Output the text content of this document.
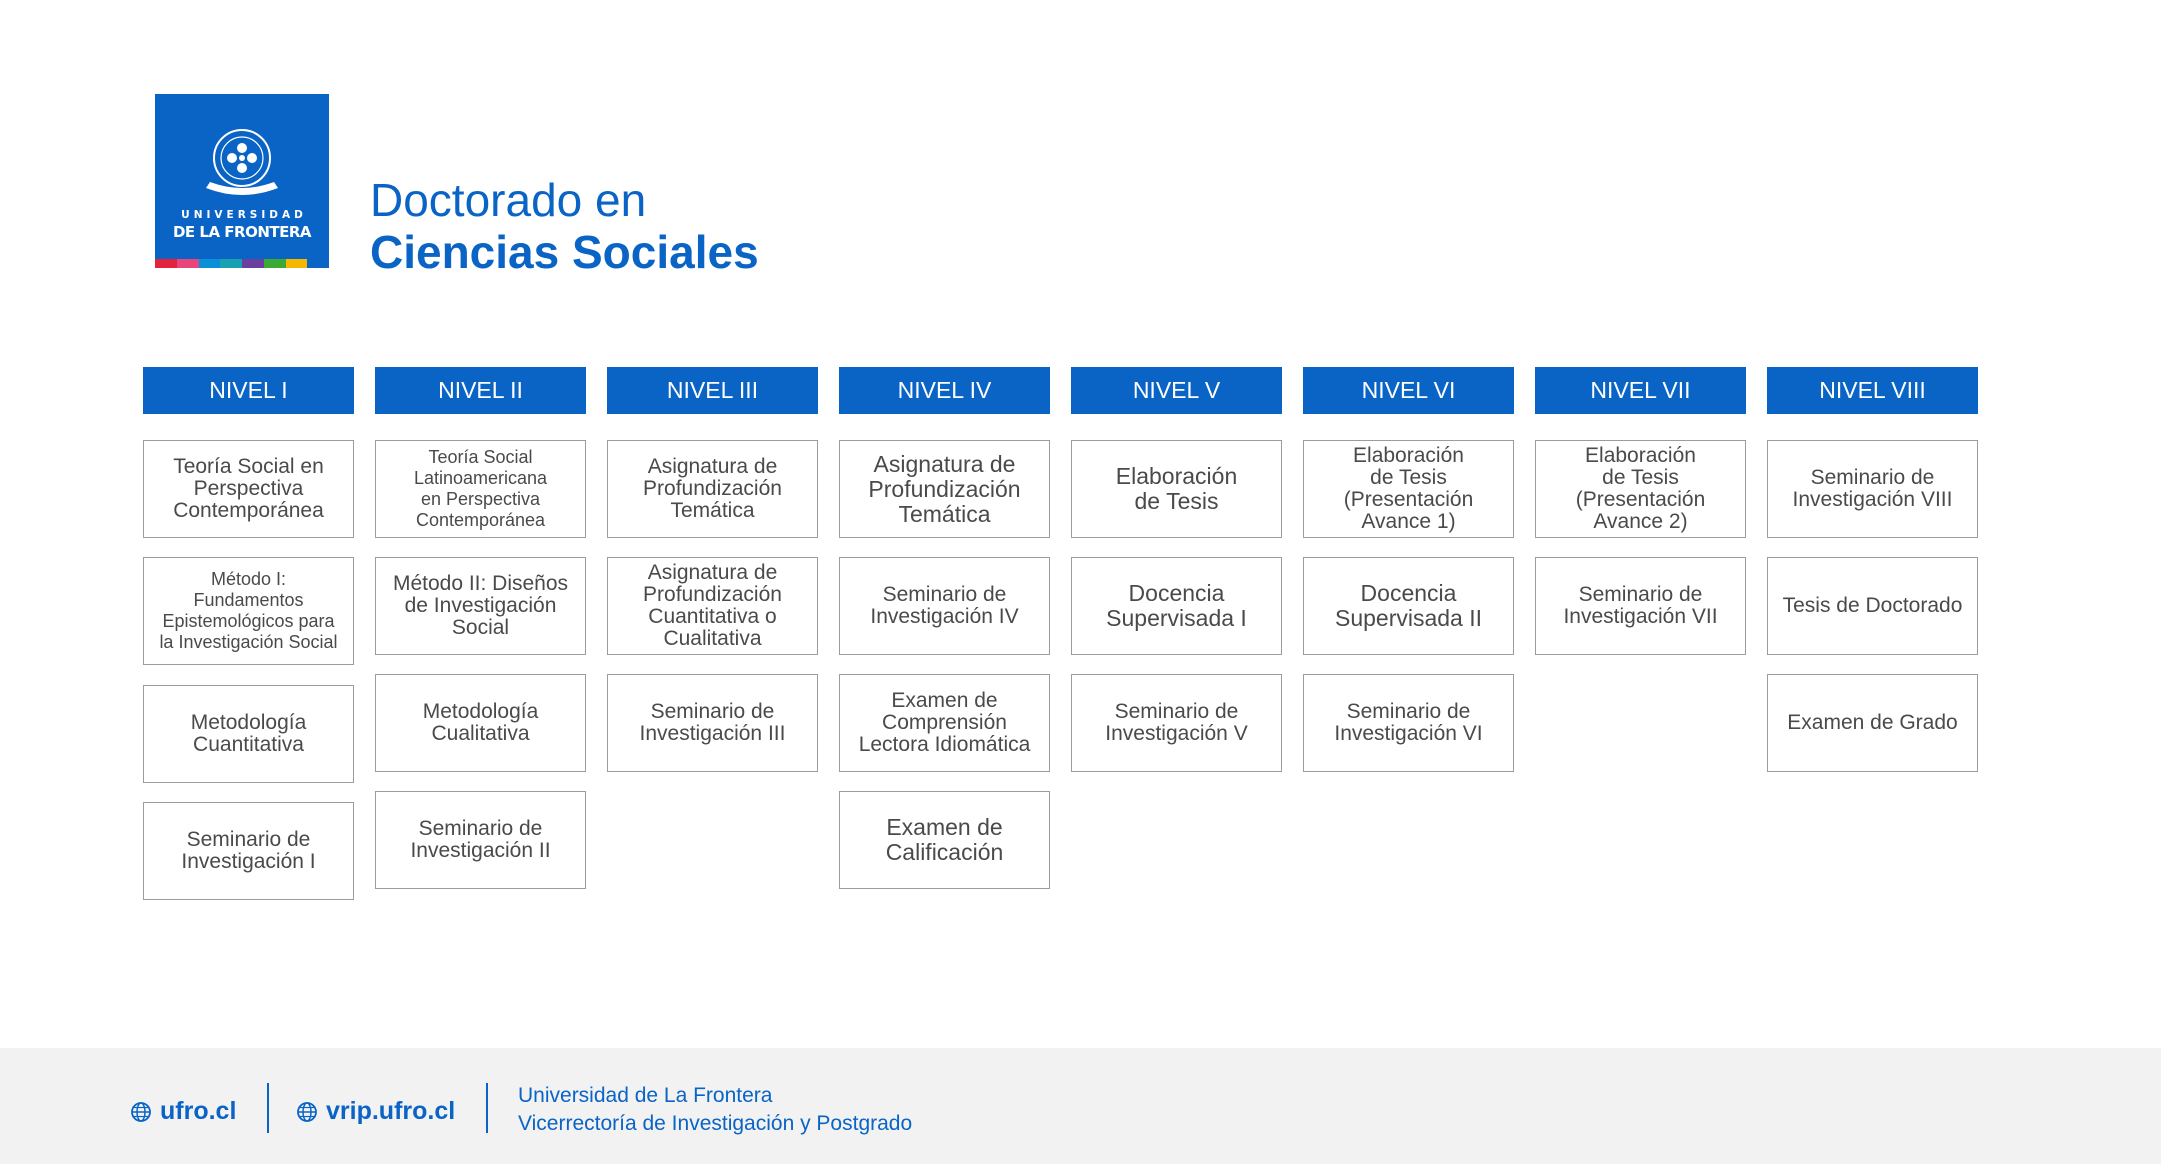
UNIVERSIDAD
DE LA FRONTERA
Doctorado en
Ciencias Sociales
NIVEL I
Teoría Social en
Perspectiva
Contemporánea
Método I:
Fundamentos
Epistemológicos para
la Investigación Social
Metodología
Cuantitativa
Seminario de
Investigación I
NIVEL II
Teoría Social
Latinoamericana
en Perspectiva
Contemporánea
Método II: Diseños
de Investigación
Social
Metodología
Cualitativa
Seminario de
Investigación II
NIVEL III
Asignatura de
Profundización
Temática
Asignatura de
Profundización
Cuantitativa o
Cualitativa
Seminario de
Investigación III
NIVEL IV
Asignatura de
Profundización
Temática
Seminario de
Investigación IV
Examen de
Comprensión
Lectora Idiomática
Examen de
Calificación
NIVEL V
Elaboración
de Tesis
Docencia
Supervisada I
Seminario de
Investigación V
NIVEL VI
Elaboración
de Tesis
(Presentación
Avance 1)
Docencia
Supervisada II
Seminario de
Investigación VI
NIVEL VII
Elaboración
de Tesis
(Presentación
Avance 2)
Seminario de
Investigación VII
NIVEL VIII
Seminario de
Investigación VIII
Tesis de Doctorado
Examen de Grado
ufro.cl	vrip.ufro.cl
Universidad de La Frontera
Vicerrectoría de Investigación y Postgrado
